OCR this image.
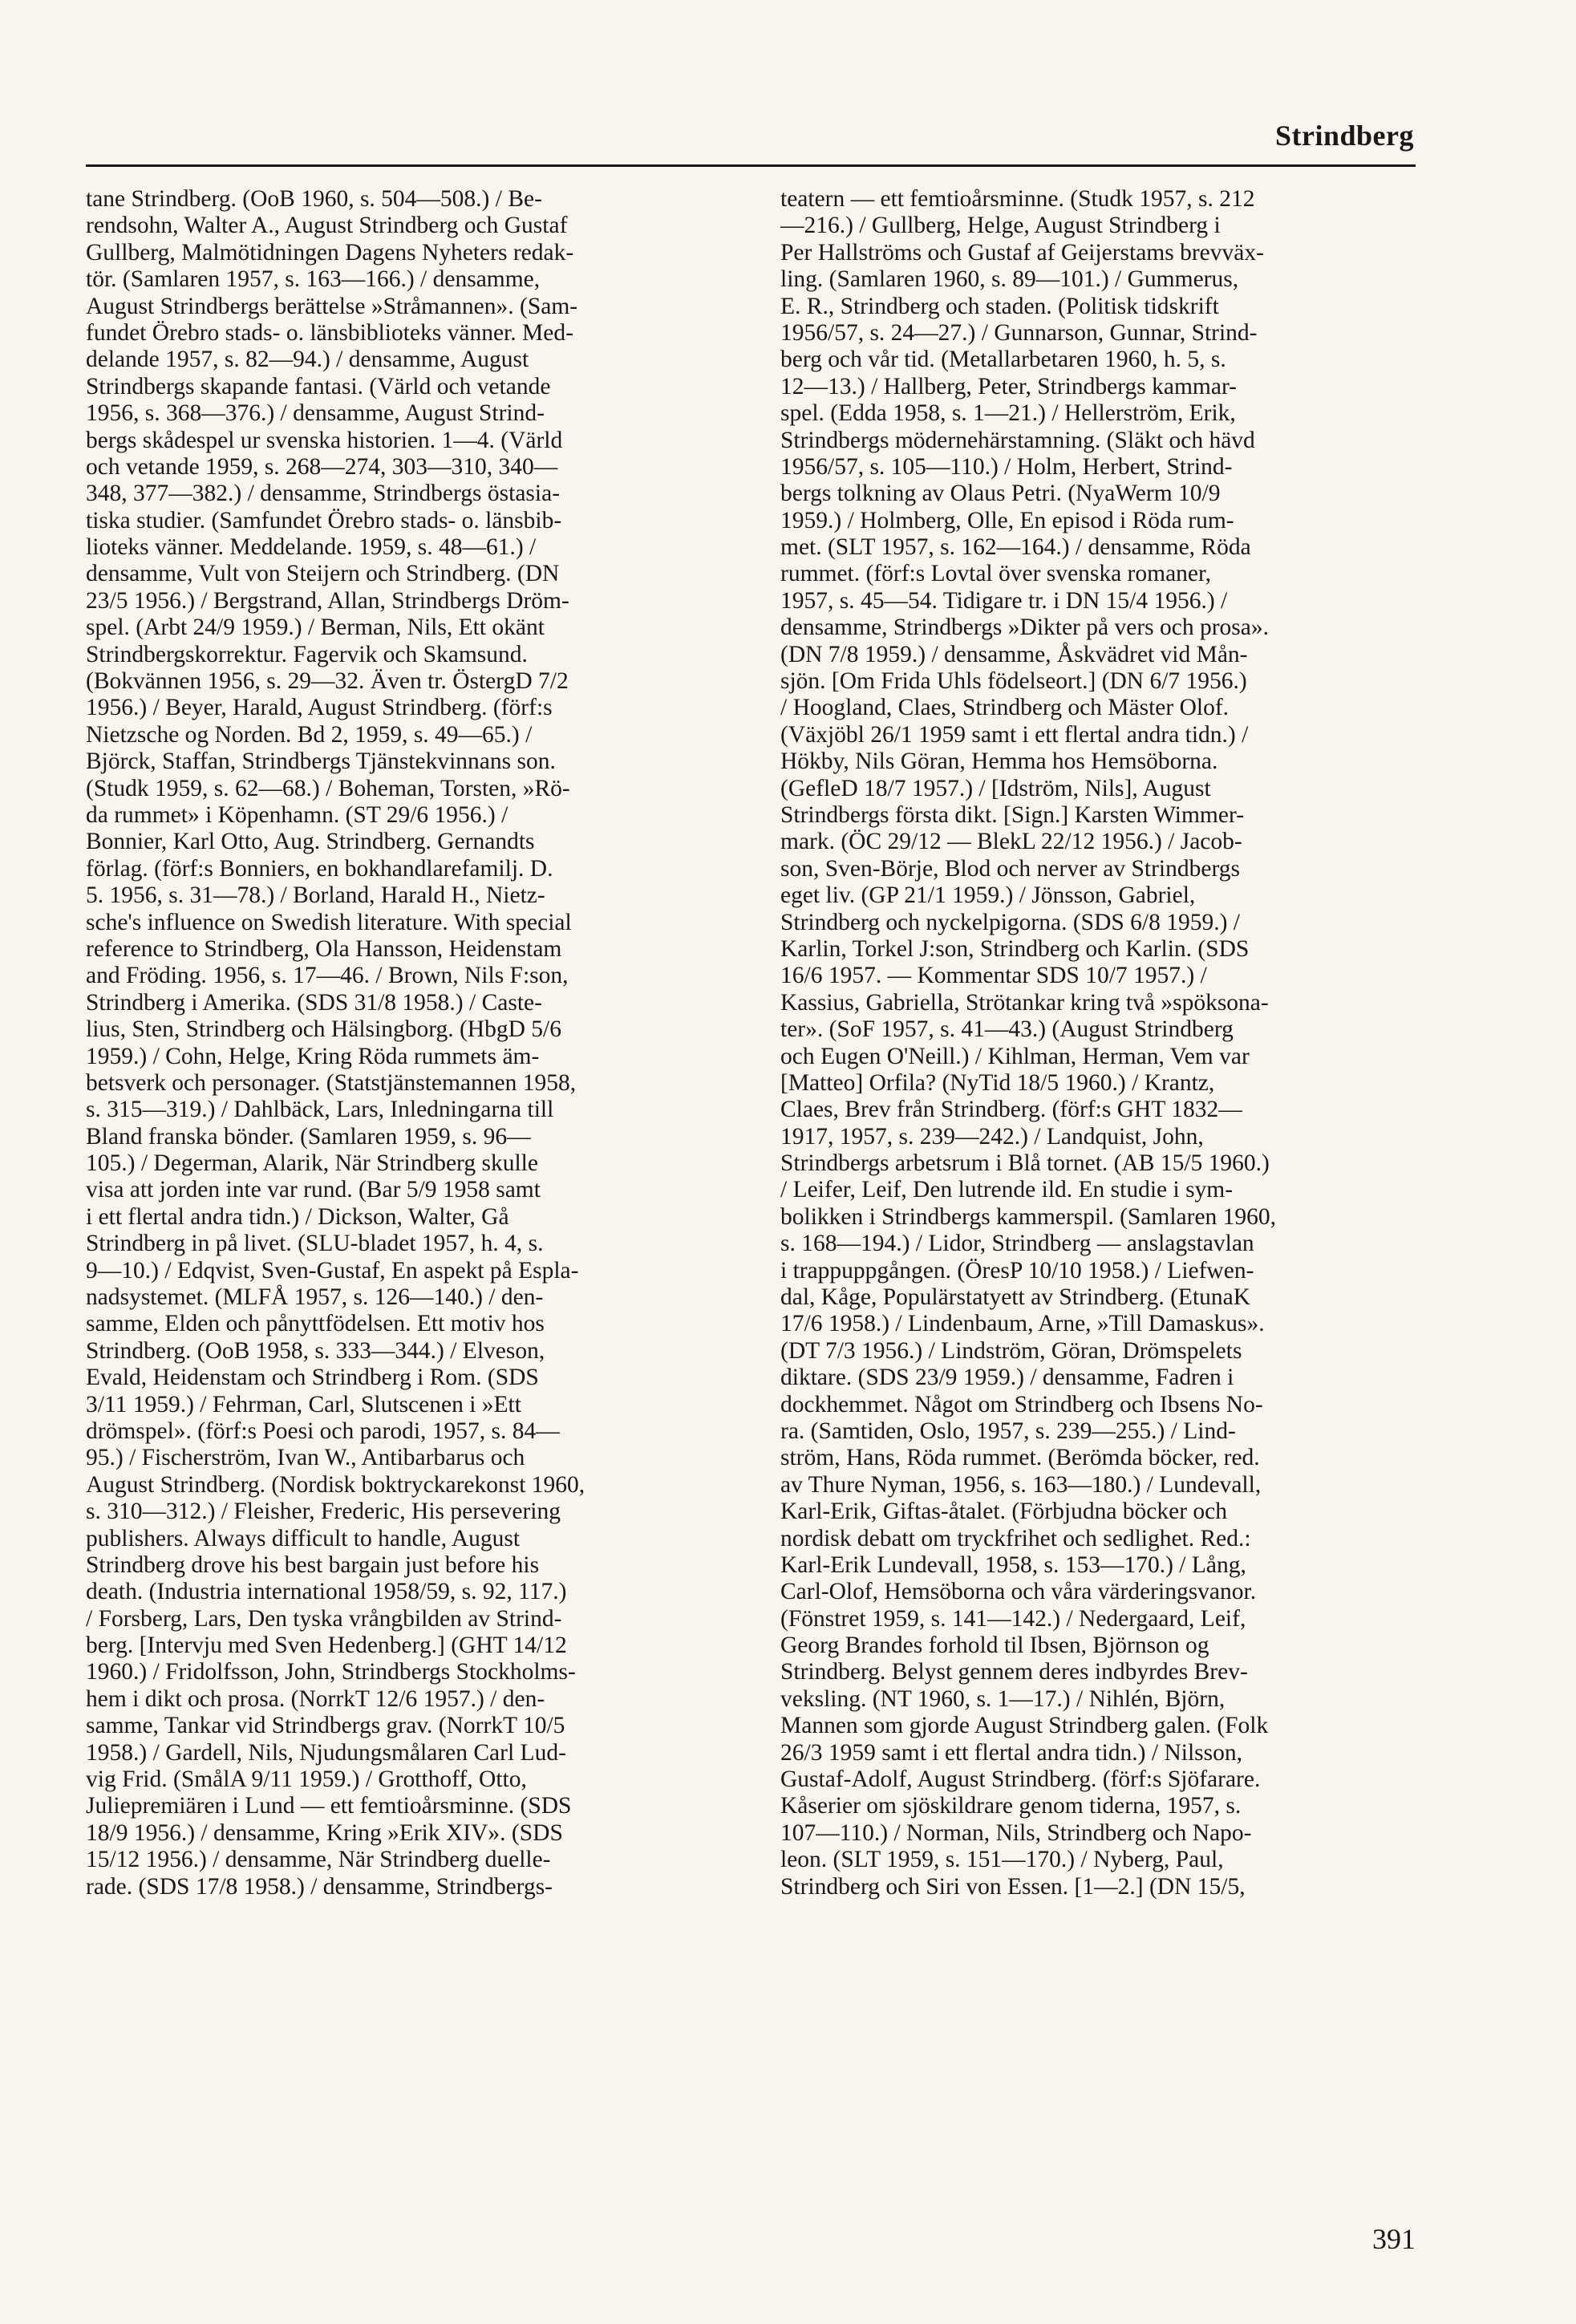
Strindberg
tane Strindberg. (OoB 1960, s. 504—508.) / Be-
rendsohn, Walter A., August Strindberg och Gustaf
Gullberg, Malmötidningen Dagens Nyheters redak-
tör. (Samlaren 1957, s. 163—166.) / densamme,
August Strindbergs berättelse »Stråmannen». (Sam-
fundet Örebro stads- o. länsbiblioteks vänner. Med-
delande 1957, s. 82—94.) / densamme, August
Strindbergs skapande fantasi. (Värld och vetande
1956, s. 368—376.) / densamme, August Strind-
bergs skådespel ur svenska historien. 1—4. (Värld
och vetande 1959, s. 268—274, 303—310, 340—
348, 377—382.) / densamme, Strindbergs östasia-
tiska studier. (Samfundet Örebro stads- o. länsbib-
lioteks vänner. Meddelande. 1959, s. 48—61.) /
densamme, Vult von Steijern och Strindberg. (DN
23/5 1956.) / Bergstrand, Allan, Strindbergs Dröm-
spel. (Arbt 24/9 1959.) / Berman, Nils, Ett okänt
Strindbergskorrektur. Fagervik och Skamsund.
(Bokvännen 1956, s. 29—32. Även tr. ÖstergD 7/2
1956.) / Beyer, Harald, August Strindberg. (förf:s
Nietzsche og Norden. Bd 2, 1959, s. 49—65.) /
Björck, Staffan, Strindbergs Tjänstekvinnans son.
(Studk 1959, s. 62—68.) / Boheman, Torsten, »Rö-
da rummet» i Köpenhamn. (ST 29/6 1956.) /
Bonnier, Karl Otto, Aug. Strindberg. Gernandts
förlag. (förf:s Bonniers, en bokhandlarefamilj. D.
5. 1956, s. 31—78.) / Borland, Harald H., Nietz-
sche's influence on Swedish literature. With special
reference to Strindberg, Ola Hansson, Heidenstam
and Fröding. 1956, s. 17—46. / Brown, Nils F:son,
Strindberg i Amerika. (SDS 31/8 1958.) / Caste-
lius, Sten, Strindberg och Hälsingborg. (HbgD 5/6
1959.) / Cohn, Helge, Kring Röda rummets äm-
betsverk och personager. (Statstjänstemannen 1958,
s. 315—319.) / Dahlbäck, Lars, Inledningarna till
Bland franska bönder. (Samlaren 1959, s. 96—
105.) / Degerman, Alarik, När Strindberg skulle
visa att jorden inte var rund. (Bar 5/9 1958 samt
i ett flertal andra tidn.) / Dickson, Walter, Gå
Strindberg in på livet. (SLU-bladet 1957, h. 4, s.
9—10.) / Edqvist, Sven-Gustaf, En aspekt på Espla-
nadsystemet. (MLFÅ 1957, s. 126—140.) / den-
samme, Elden och pånyttfödelsen. Ett motiv hos
Strindberg. (OoB 1958, s. 333—344.) / Elveson,
Evald, Heidenstam och Strindberg i Rom. (SDS
3/11 1959.) / Fehrman, Carl, Slutscenen i »Ett
drömspel». (förf:s Poesi och parodi, 1957, s. 84—
95.) / Fischerström, Ivan W., Antibarbarus och
August Strindberg. (Nordisk boktryckarekonst 1960,
s. 310—312.) / Fleisher, Frederic, His persevering
publishers. Always difficult to handle, August
Strindberg drove his best bargain just before his
death. (Industria international 1958/59, s. 92, 117.)
/ Forsberg, Lars, Den tyska vrångbilden av Strind-
berg. [Intervju med Sven Hedenberg.] (GHT 14/12
1960.) / Fridolfsson, John, Strindbergs Stockholms-
hem i dikt och prosa. (NorrkT 12/6 1957.) / den-
samme, Tankar vid Strindbergs grav. (NorrkT 10/5
1958.) / Gardell, Nils, Njudungsmålaren Carl Lud-
vig Frid. (SmålA 9/11 1959.) / Grotthoff, Otto,
Juliepremiären i Lund — ett femtioårsminne. (SDS
18/9 1956.) / densamme, Kring »Erik XIV». (SDS
15/12 1956.) / densamme, När Strindberg duelle-
rade. (SDS 17/8 1958.) / densamme, Strindbergs-
teatern — ett femtioårsminne. (Studk 1957, s. 212
—216.) / Gullberg, Helge, August Strindberg i
Per Hallströms och Gustaf af Geijerstams brevväx-
ling. (Samlaren 1960, s. 89—101.) / Gummerus,
E. R., Strindberg och staden. (Politisk tidskrift
1956/57, s. 24—27.) / Gunnarson, Gunnar, Strind-
berg och vår tid. (Metallarbetaren 1960, h. 5, s.
12—13.) / Hallberg, Peter, Strindbergs kammar-
spel. (Edda 1958, s. 1—21.) / Hellerström, Erik,
Strindbergs mödernehärstamning. (Släkt och hävd
1956/57, s. 105—110.) / Holm, Herbert, Strind-
bergs tolkning av Olaus Petri. (NyaWerm 10/9
1959.) / Holmberg, Olle, En episod i Röda rum-
met. (SLT 1957, s. 162—164.) / densamme, Röda
rummet. (förf:s Lovtal över svenska romaner,
1957, s. 45—54. Tidigare tr. i DN 15/4 1956.) /
densamme, Strindbergs »Dikter på vers och prosa».
(DN 7/8 1959.) / densamme, Åskvädret vid Mån-
sjön. [Om Frida Uhls födelseort.] (DN 6/7 1956.)
/ Hoogland, Claes, Strindberg och Mäster Olof.
(Växjöbl 26/1 1959 samt i ett flertal andra tidn.) /
Hökby, Nils Göran, Hemma hos Hemsöborna.
(GefleD 18/7 1957.) / [Idström, Nils], August
Strindbergs första dikt. [Sign.] Karsten Wimmer-
mark. (ÖC 29/12 — BlekL 22/12 1956.) / Jacob-
son, Sven-Börje, Blod och nerver av Strindbergs
eget liv. (GP 21/1 1959.) / Jönsson, Gabriel,
Strindberg och nyckelpigorna. (SDS 6/8 1959.) /
Karlin, Torkel J:son, Strindberg och Karlin. (SDS
16/6 1957. — Kommentar SDS 10/7 1957.) /
Kassius, Gabriella, Strötankar kring två »spöksona-
ter». (SoF 1957, s. 41—43.) (August Strindberg
och Eugen O'Neill.) / Kihlman, Herman, Vem var
[Matteo] Orfila? (NyTid 18/5 1960.) / Krantz,
Claes, Brev från Strindberg. (förf:s GHT 1832—
1917, 1957, s. 239—242.) / Landquist, John,
Strindbergs arbetsrum i Blå tornet. (AB 15/5 1960.)
/ Leifer, Leif, Den lutrende ild. En studie i sym-
bolikken i Strindbergs kammerspil. (Samlaren 1960,
s. 168—194.) / Lidor, Strindberg — anslagstavlan
i trappuppgången. (ÖresP 10/10 1958.) / Liefwen-
dal, Kåge, Populärstatyett av Strindberg. (EtunaK
17/6 1958.) / Lindenbaum, Arne, »Till Damaskus».
(DT 7/3 1956.) / Lindström, Göran, Drömspelets
diktare. (SDS 23/9 1959.) / densamme, Fadren i
dockhemmet. Något om Strindberg och Ibsens No-
ra. (Samtiden, Oslo, 1957, s. 239—255.) / Lind-
ström, Hans, Röda rummet. (Berömda böcker, red.
av Thure Nyman, 1956, s. 163—180.) / Lundevall,
Karl-Erik, Giftas-åtalet. (Förbjudna böcker och
nordisk debatt om tryckfrihet och sedlighet. Red.:
Karl-Erik Lundevall, 1958, s. 153—170.) / Lång,
Carl-Olof, Hemsöborna och våra värderingsvanor.
(Fönstret 1959, s. 141—142.) / Nedergaard, Leif,
Georg Brandes forhold til Ibsen, Björnson og
Strindberg. Belyst gennem deres indbyrdes Brev-
veksling. (NT 1960, s. 1—17.) / Nihlén, Björn,
Mannen som gjorde August Strindberg galen. (Folk
26/3 1959 samt i ett flertal andra tidn.) / Nilsson,
Gustaf-Adolf, August Strindberg. (förf:s Sjöfarare.
Kåserier om sjöskildrare genom tiderna, 1957, s.
107—110.) / Norman, Nils, Strindberg och Napo-
leon. (SLT 1959, s. 151—170.) / Nyberg, Paul,
Strindberg och Siri von Essen. [1—2.] (DN 15/5,
391
